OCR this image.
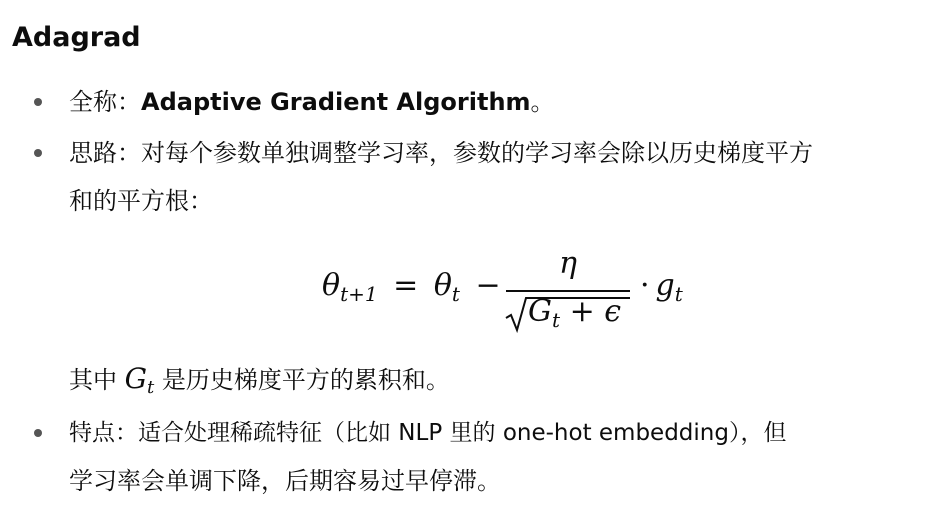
Adagrad
全称：Adaptive Gradient Algorithm。
思路：对每个参数单独调整学习率，参数的学习率会除以历史梯度平方
和的平方根：
$\theta_{t+1} = \theta_t$ −
η
$G_t + \epsilon$
· $g_t$
其中 $G_t$ 是历史梯度平方的累积和。
特点：适合处理稀疏特征（比如 NLP 里的 one-hot embedding），但
学习率会单调下降，后期容易过早停滞。
